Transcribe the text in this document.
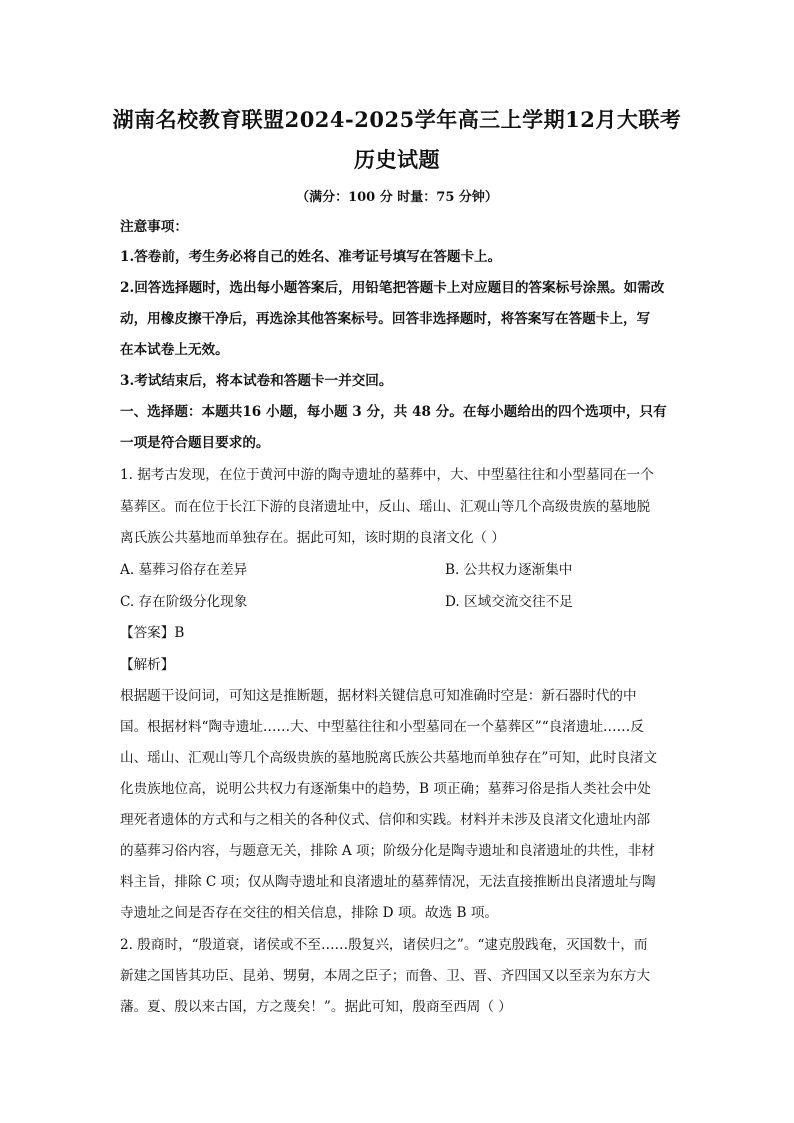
湖南名校教育联盟2024-2025学年高三上学期12月大联考
历史试题
（满分：100 分 时量：75 分钟）
注意事项：
1.答卷前，考生务必将自己的姓名、准考证号填写在答题卡上。
2.回答选择题时，选出每小题答案后，用铅笔把答题卡上对应题目的答案标号涂黑。如需改
动，用橡皮擦干净后，再选涂其他答案标号。回答非选择题时，将答案写在答题卡上，写
在本试卷上无效。
3.考试结束后，将本试卷和答题卡一并交回。
一、选择题：本题共16 小题，每小题 3 分，共 48 分。在每小题给出的四个选项中，只有
一项是符合题目要求的。
1. 据考古发现，在位于黄河中游的陶寺遗址的墓葬中，大、中型墓往往和小型墓同在一个
墓葬区。而在位于长江下游的良渚遗址中，反山、瑶山、汇观山等几个高级贵族的墓地脱
离氏族公共墓地而单独存在。据此可知，该时期的良渚文化（ ）
A. 墓葬习俗存在差异	B. 公共权力逐渐集中
C. 存在阶级分化现象	D. 区域交流交往不足
【答案】B
【解析】
根据题干设问词，可知这是推断题，据材料关键信息可知准确时空是：新石器时代的中
国。根据材料“陶寺遗址……大、中型墓往往和小型墓同在一个墓葬区”“良渚遗址……反
山、瑶山、汇观山等几个高级贵族的墓地脱离氏族公共墓地而单独存在”可知，此时良渚文
化贵族地位高，说明公共权力有逐渐集中的趋势，B 项正确；墓葬习俗是指人类社会中处
理死者遗体的方式和与之相关的各种仪式、信仰和实践。材料并未涉及良渚文化遗址内部
的墓葬习俗内容，与题意无关，排除 A 项；阶级分化是陶寺遗址和良渚遗址的共性，非材
料主旨，排除 C 项；仅从陶寺遗址和良渚遗址的墓葬情况，无法直接推断出良渚遗址与陶
寺遗址之间是否存在交往的相关信息，排除 D 项。故选 B 项。
2. 殷商时，“殷道衰，诸侯或不至……殷复兴，诸侯归之”。“逮克殷践奄，灭国数十，而
新建之国皆其功臣、昆弟、甥舅，本周之臣子；而鲁、卫、晋、齐四国又以至亲为东方大
藩。夏、殷以来古国，方之蔑矣！”。据此可知，殷商至西周（ ）
